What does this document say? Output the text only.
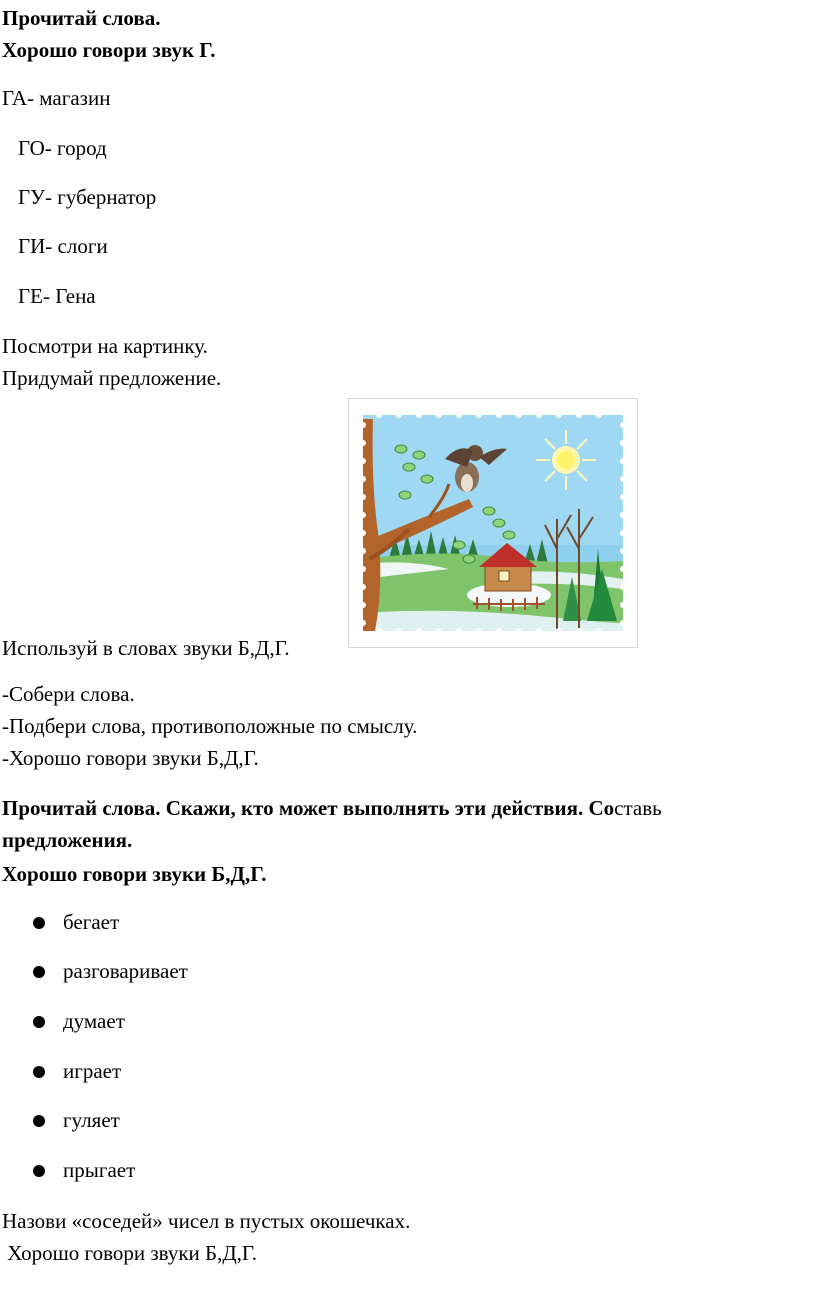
Прочитай слова.
Хорошо говори звук Г.
ГА- магазин
ГО- город
ГУ- губернатор
ГИ- слоги
ГЕ- Гена
Посмотри на картинку.
Придумай предложение.
Используй в словах звуки Б,Д,Г.
-Собери слова.
-Подбери слова, противоположные по смыслу.
-Хорошо говори звуки Б,Д,Г.
Прочитай слова. Скажи, кто может выполнять эти действия. Составь
предложения.
Хорошо говори звуки Б,Д,Г.
бегает
разговаривает
думает
играет
гуляет
прыгает
Назови «соседей» чисел в пустых окошечках.
Хорошо говори звуки Б,Д,Г.
